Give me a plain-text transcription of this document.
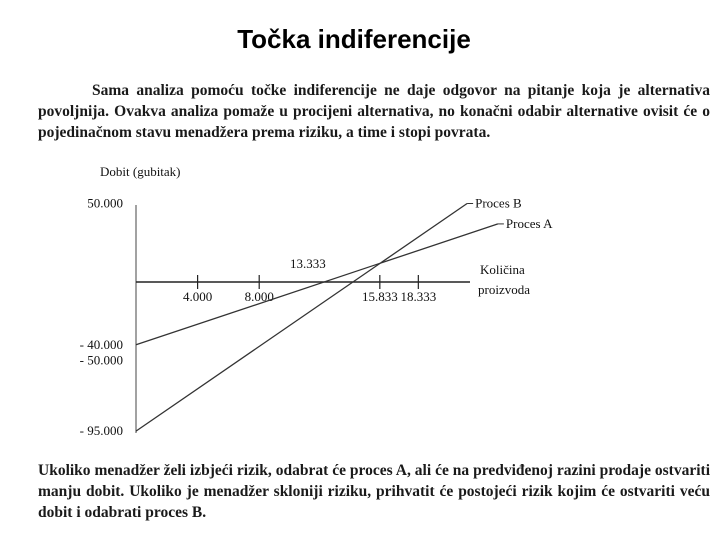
Točka indiferencije
Sama analiza pomoću točke indiferencije ne daje odgovor na pitanje koja je alternativa povoljnija. Ovakva analiza pomaže u procijeni alternativa, no konačni odabir alternative ovisit će o pojedinačnom stavu menadžera prema riziku, a time i stopi povrata.
Dobit (gubitak)
50.000
- 40.000
- 50.000
- 95.000
4.000 8.000	15.833 18.333
Proces B
Proces A
13.333	Količina
proizvoda
Ukoliko menadžer želi izbjeći rizik, odabrat će proces A, ali će na predviđenoj razini prodaje ostvariti manju dobit. Ukoliko je menadžer skloniji riziku, prihvatit će postojeći rizik kojim će ostvariti veću dobit i odabrati proces B.
